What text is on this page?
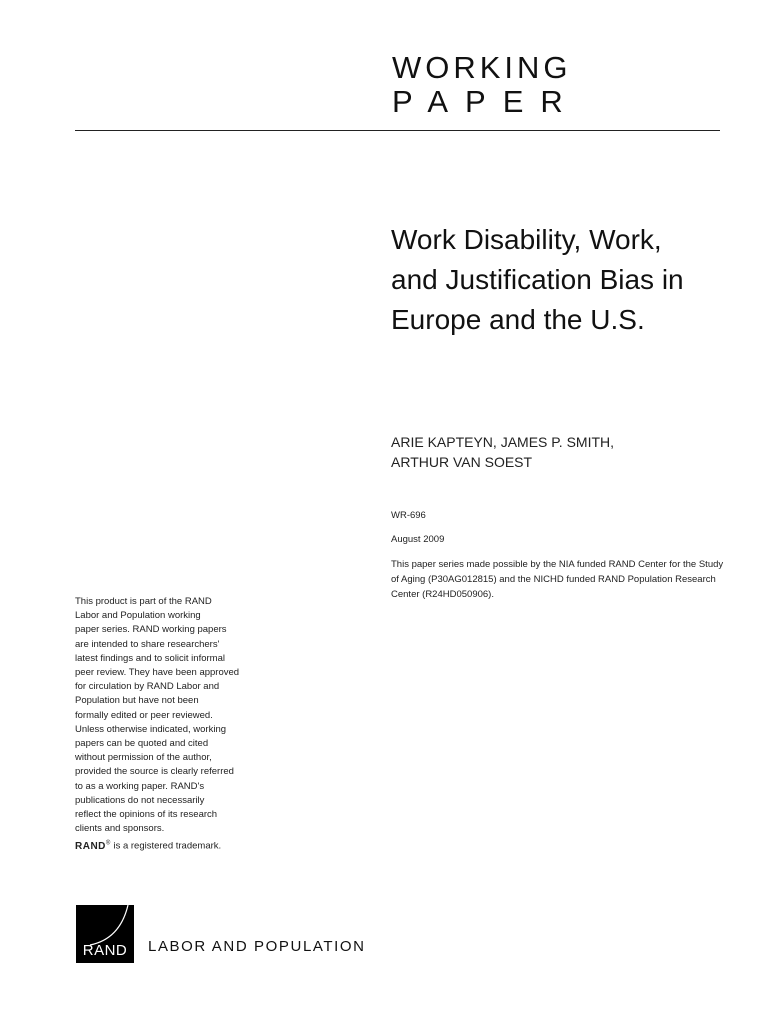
WORKING
PAPER
Work Disability, Work,
and Justification Bias in
Europe and the U.S.
ARIE KAPTEYN, JAMES P. SMITH,
ARTHUR VAN SOEST
WR-696
August 2009
This paper series made possible by the NIA funded RAND Center for the Study
of Aging (P30AG012815) and the NICHD funded RAND Population Research
Center (R24HD050906).
This product is part of the RAND
Labor and Population working
paper series. RAND working papers
are intended to share researchers'
latest findings and to solicit informal
peer review. They have been approved
for circulation by RAND Labor and
Population but have not been
formally edited or peer reviewed.
Unless otherwise indicated, working
papers can be quoted and cited
without permission of the author,
provided the source is clearly referred
to as a working paper. RAND's
publications do not necessarily
reflect the opinions of its research
clients and sponsors.
RAND® is a registered trademark.
RAND	LABOR AND POPULATION
